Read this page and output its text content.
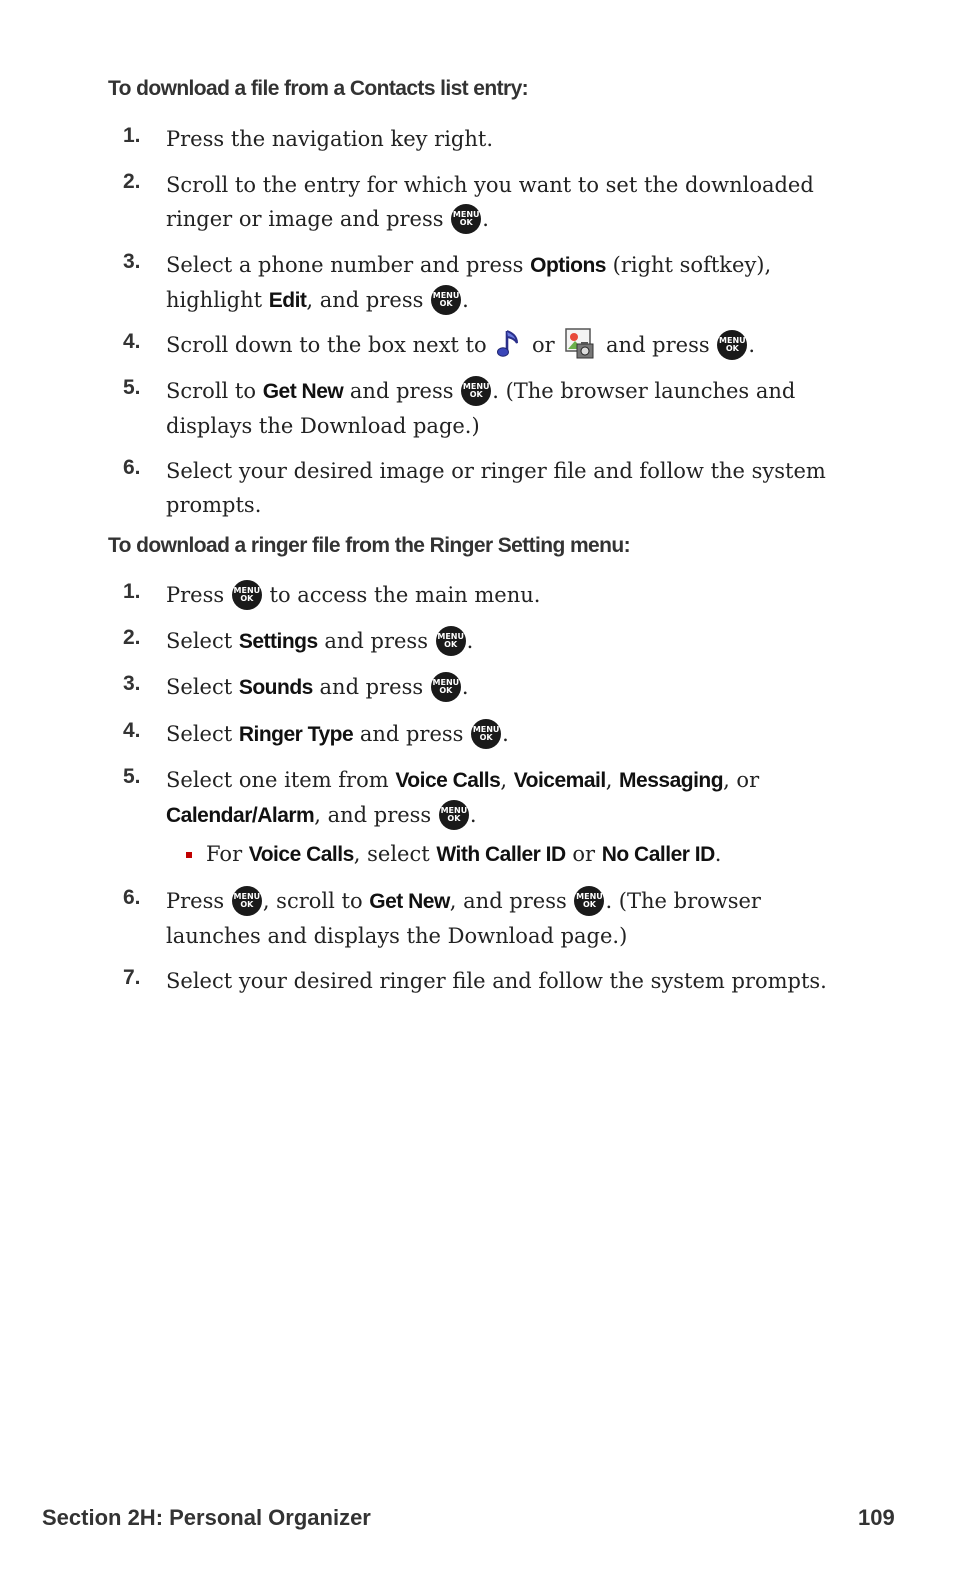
To download a file from a Contacts list entry:
1. Press the navigation key right.
2. Scroll to the entry for which you want to set the downloaded ringer or image and press MENU
OK .
3. Select a phone number and press Options (right softkey), highlight Edit, and press MENU
OK .
4. Scroll down to the box next to  or  and press MENU
OK .
5. Scroll to Get New and press MENU
OK . (The browser launches and displays the Download page.)
6. Select your desired image or ringer file and follow the system prompts.
To download a ringer file from the Ringer Setting menu:
1. Press MENU
OK to access the main menu.
2. Select Settings and press MENU
OK .
3. Select Sounds and press MENU
OK .
4. Select Ringer Type and press MENU
OK .
5. Select one item from Voice Calls, Voicemail, Messaging, or Calendar/Alarm, and press MENU
OK .
For Voice Calls, select With Caller ID or No Caller ID.
6. Press MENU
OK , scroll to Get New, and press MENU
OK . (The browser launches and displays the Download page.)
7. Select your desired ringer file and follow the system prompts.
Section 2H: Personal Organizer	109
